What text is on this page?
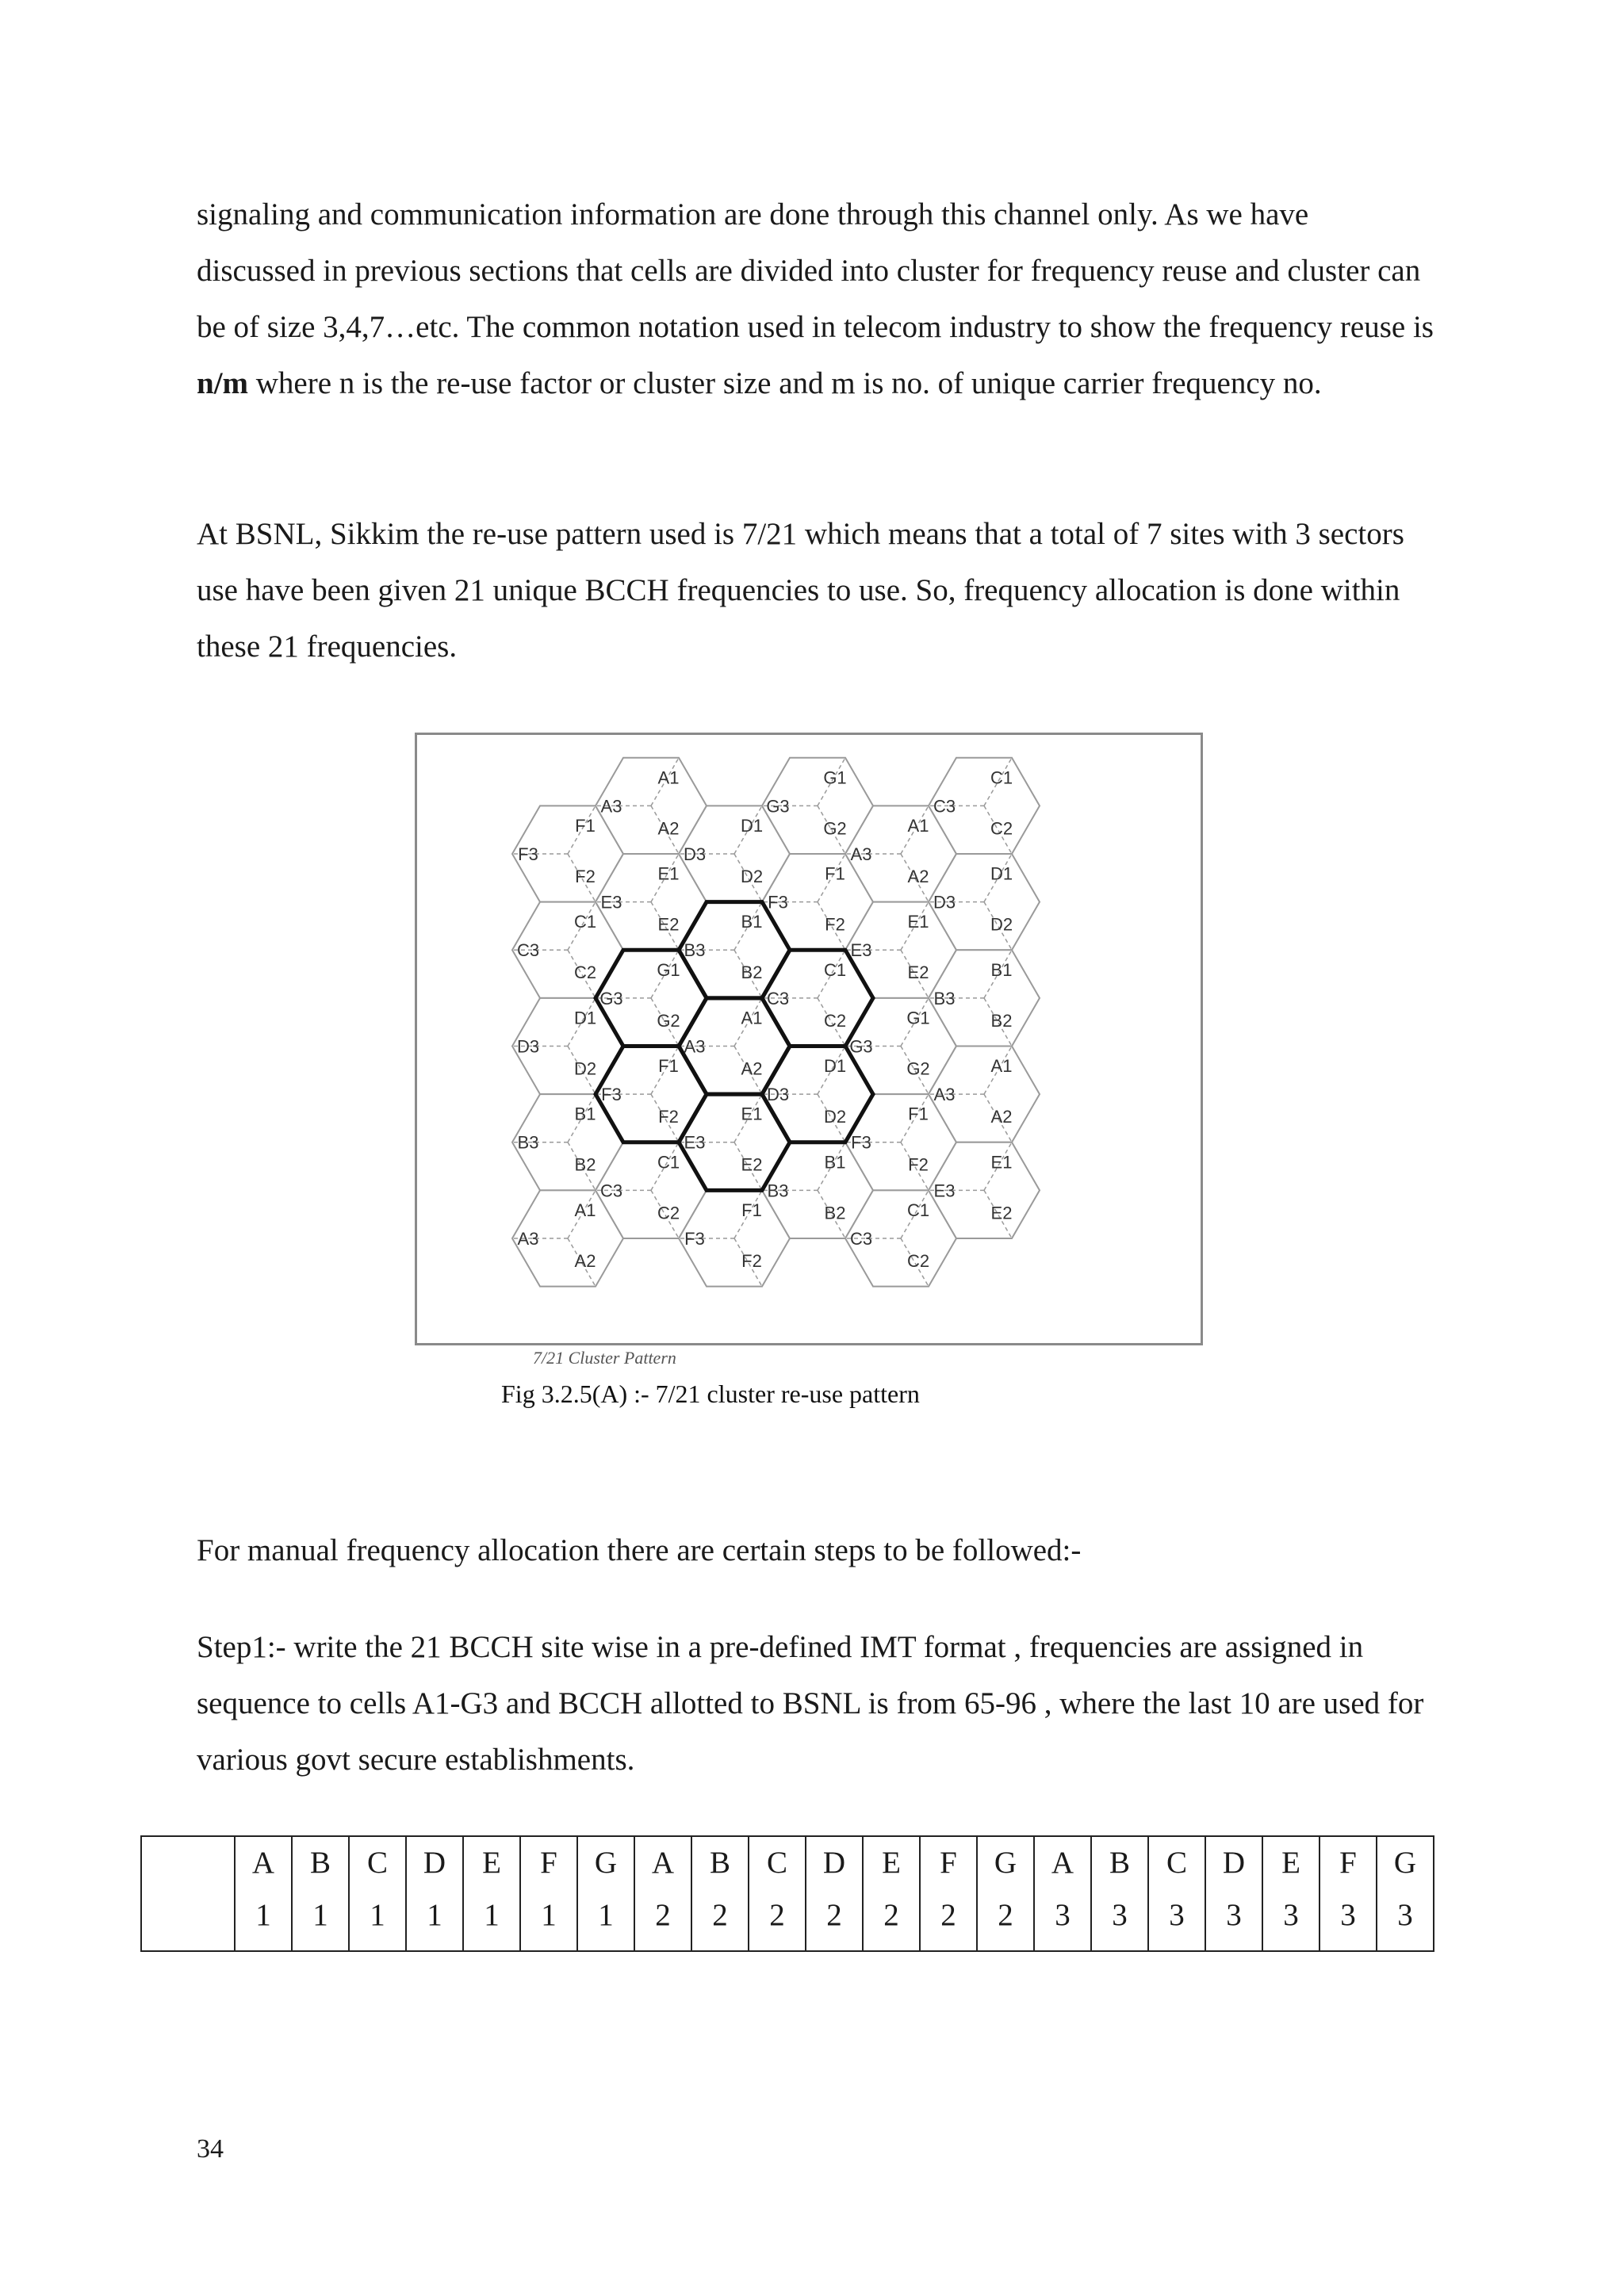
signaling and communication information are done through this channel only. As we have discussed in previous sections that cells are divided into cluster for frequency reuse and cluster can be of size 3,4,7…etc. The common notation used in telecom industry to show the frequency reuse is n/m where n is the re-use factor or cluster size and m is no. of unique carrier frequency no.

At BSNL, Sikkim the re-use pattern used is 7/21 which means that a total of 7 sites with 3 sectors use have been given 21 unique BCCH frequencies to use. So, frequency allocation is done within these 21 frequencies.

F1
F2
F3
C1
C2
C3
D1
D2
D3
B1
B2
B3
A1
A2
A3
A1
A2
A3
E1
E2
E3
G1
G2
G3
F1
F2
F3
C1
C2
C3
D1
D2
D3
B1
B2
B3
A1
A2
A3
E1
E2
E3
F1
F2
F3
G1
G2
G3
F1
F2
F3
C1
C2
C3
D1
D2
D3
B1
B2
B3
A1
A2
A3
E1
E2
E3
G1
G2
G3
F1
F2
F3
C1
C2
C3
C1
C2
C3
D1
D2
D3
B1
B2
B3
A1
A2
A3
E1
E2
E3
7/21 Cluster Pattern
Fig 3.2.5(A) :- 7/21 cluster re-use pattern

For manual frequency allocation there are certain steps to be followed:-

Step1:- write the 21 BCCH site wise in a pre-defined IMT format , frequencies are assigned in sequence to cells A1-G3 and BCCH allotted to BSNL is from 65-96 , where the last 10 are used for various govt secure establishments.

A
1

B
1

C
1

D
1

E
1

F
1

G
1

A
2

B
2

C
2

D
2

E
2

F
2

G
2

A
3

B
3

C
3

D
3

E
3

F
3

G
3
34
